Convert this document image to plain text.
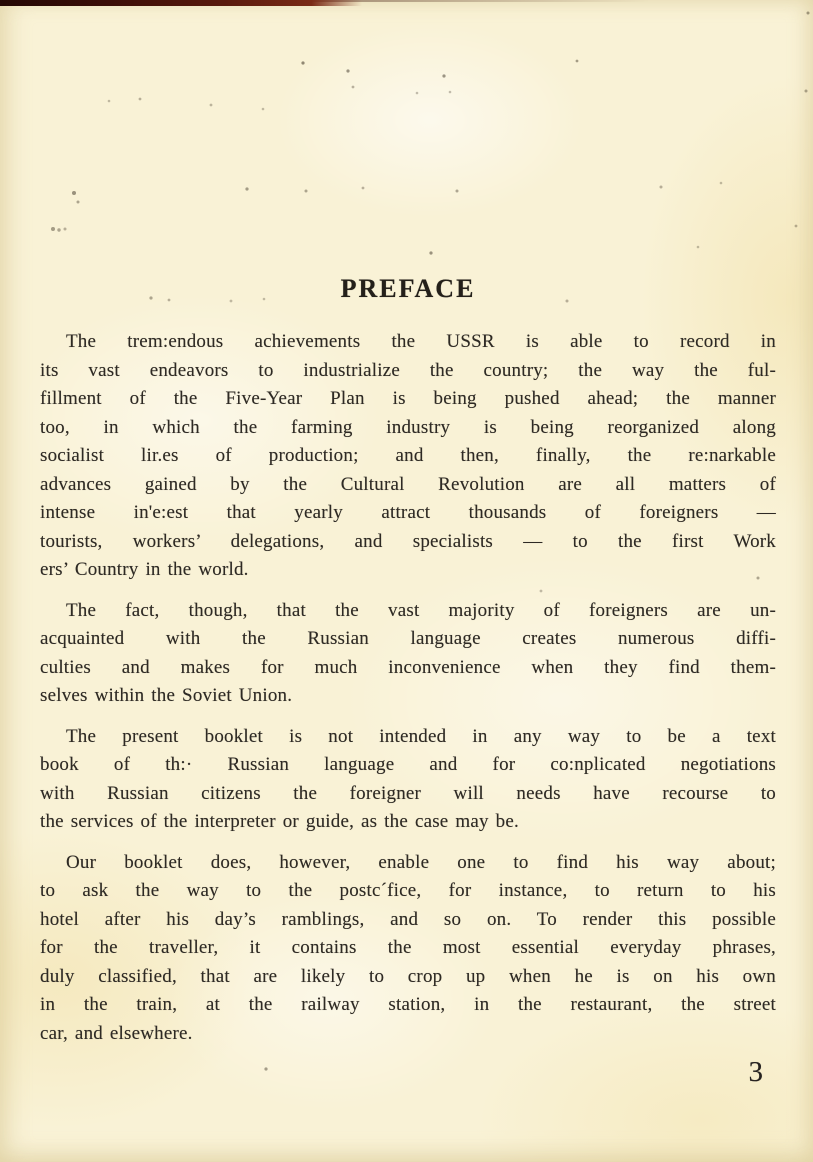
PREFACE
The trem:endous achievements the USSR is able to record in
its vast endeavors to industrialize the country; the way the ful-
fillment of the Five-Year Plan is being pushed ahead; the manner
too, in which the farming industry is being reorganized along
socialist lir.es of production; and then, finally, the re:narkable
advances gained by the Cultural Revolution are all matters of
intense in'e:est that yearly attract thousands of foreigners —
tourists, workers’ delegations, and specialists — to the first Work
ers’ Country in the world.
The fact, though, that the vast majority of foreigners are un-
acquainted with the Russian language creates numerous diffi-
culties and makes for much inconvenience when they find them-
selves within the Soviet Union.
The present booklet is not intended in any way to be a text
book of th:· Russian language and for co:nplicated negotiations
with Russian citizens the foreigner will needs have recourse to
the services of the interpreter or guide, as the case may be.
Our booklet does, however, enable one to find his way about;
to ask the way to the postc´fice, for instance, to return to his
hotel after his day’s ramblings, and so on. To render this possible
for the traveller, it contains the most essential everyday phrases,
duly classified, that are likely to crop up when he is on his own
in the train, at the railway station, in the restaurant, the street
car, and elsewhere.
3
